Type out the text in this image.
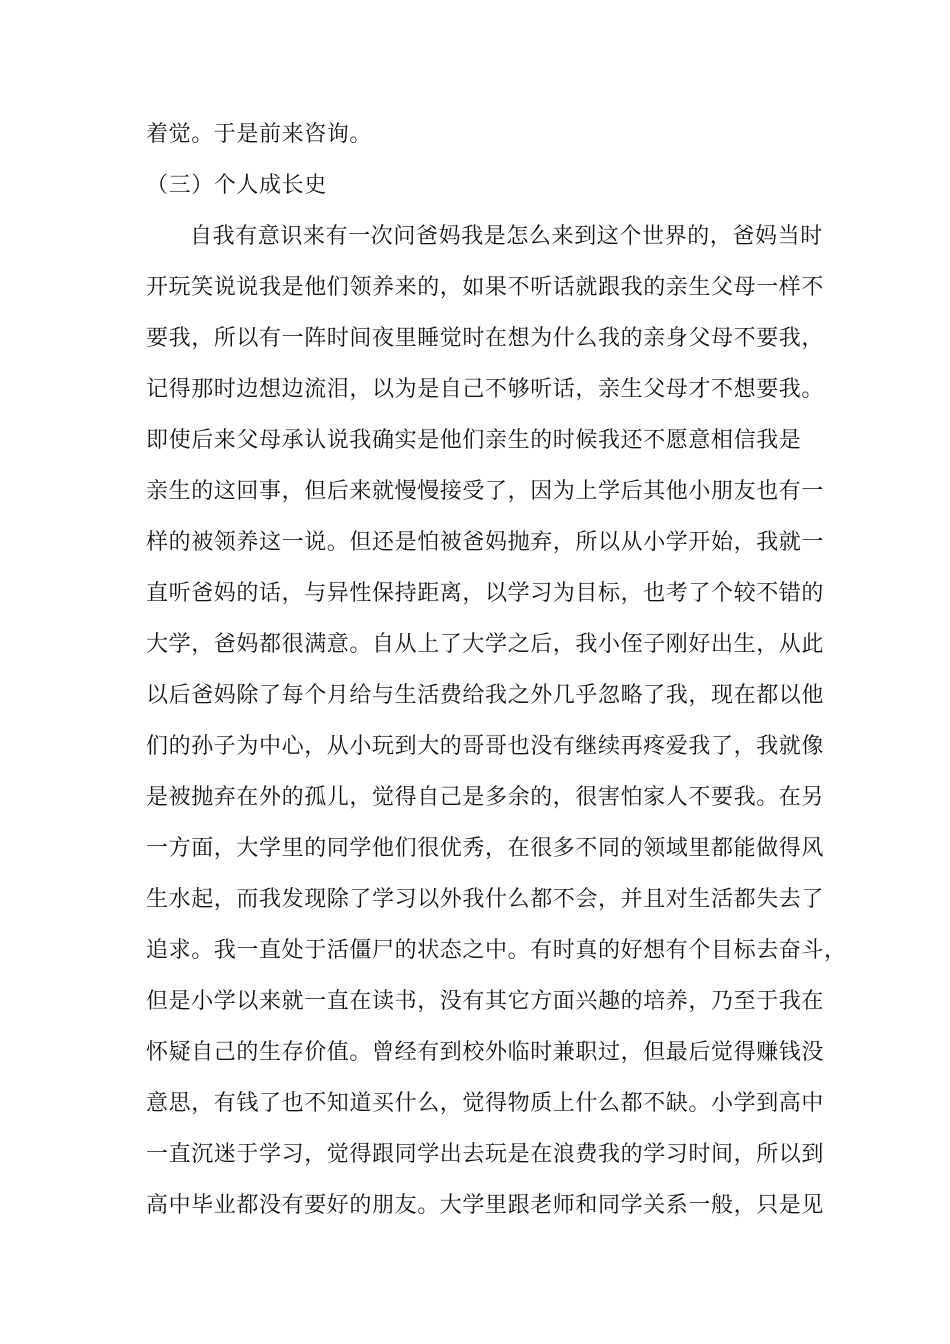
着觉。于是前来咨询。
（三）个人成长史
自我有意识来有一次问爸妈我是怎么来到这个世界的，爸妈当时
开玩笑说说我是他们领养来的，如果不听话就跟我的亲生父母一样不
要我，所以有一阵时间夜里睡觉时在想为什么我的亲身父母不要我，
记得那时边想边流泪，以为是自己不够听话，亲生父母才不想要我。
即使后来父母承认说我确实是他们亲生的时候我还不愿意相信我是
亲生的这回事，但后来就慢慢接受了，因为上学后其他小朋友也有一
样的被领养这一说。但还是怕被爸妈抛弃，所以从小学开始，我就一
直听爸妈的话，与异性保持距离，以学习为目标，也考了个较不错的
大学，爸妈都很满意。自从上了大学之后，我小侄子刚好出生，从此
以后爸妈除了每个月给与生活费给我之外几乎忽略了我，现在都以他
们的孙子为中心，从小玩到大的哥哥也没有继续再疼爱我了，我就像
是被抛弃在外的孤儿，觉得自己是多余的，很害怕家人不要我。在另
一方面，大学里的同学他们很优秀，在很多不同的领域里都能做得风
生水起，而我发现除了学习以外我什么都不会，并且对生活都失去了
追求。我一直处于活僵尸的状态之中。有时真的好想有个目标去奋斗，
但是小学以来就一直在读书，没有其它方面兴趣的培养，乃至于我在
怀疑自己的生存价值。曾经有到校外临时兼职过，但最后觉得赚钱没
意思，有钱了也不知道买什么，觉得物质上什么都不缺。小学到高中
一直沉迷于学习，觉得跟同学出去玩是在浪费我的学习时间，所以到
高中毕业都没有要好的朋友。大学里跟老师和同学关系一般，只是见
